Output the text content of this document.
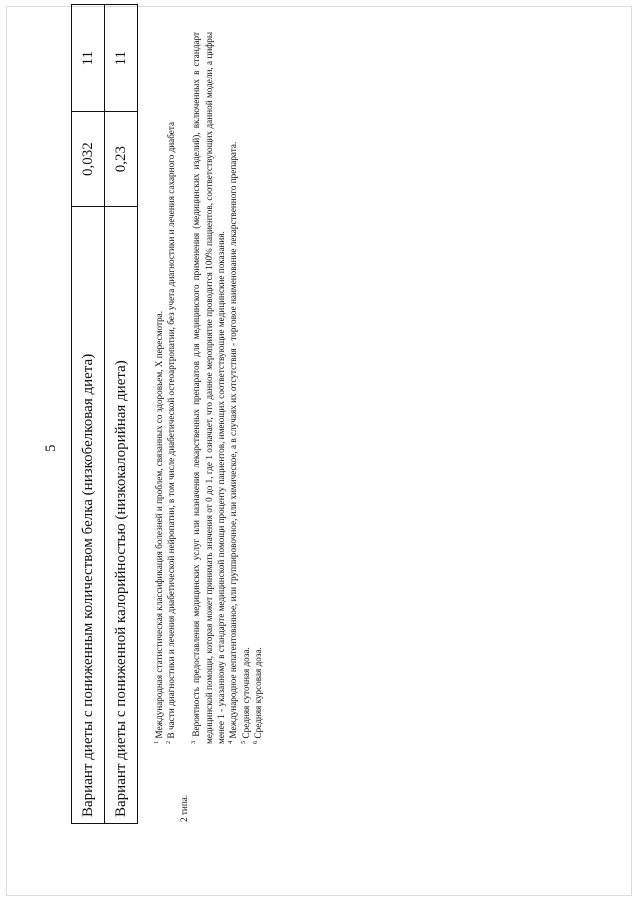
5 Вариант диеты с пониженным количеством белка (низкобелковая диета)	0,032	11
Вариант диеты с пониженной калорийностью (низкокалорийная диета)	0,23	11

$^1$ Международная статистическая классификация болезней и проблем, связанных со здоровьем, X пересмотра.

$^2$ В части диагностики и лечения диабетической нейропатии, в том числе диабетической остеоартропатии, без учета диагностики и лечения сахарного диабета

2 типа.

$^3$ Вероятность предоставления медицинских услуг или назначения лекарственных препаратов для медицинского применения (медицинских изделий), включенных в стандарт медицинской помощи, которая может принимать значения от 0 до 1, где 1 означает, что данное мероприятие проводится 100% пациентов, соответствующих данной модели, а цифры менее 1 - указанному в стандарте медицинской помощи проценту пациентов, имеющих соответствующие медицинские показания. $^4$ Международное непатентованное, или группировочное, или химическое, а в случаях их отсутствия - торговое наименование лекарственного препарата.

$^5$ Средняя суточная доза.

$^6$ Средняя курсовая доза.
